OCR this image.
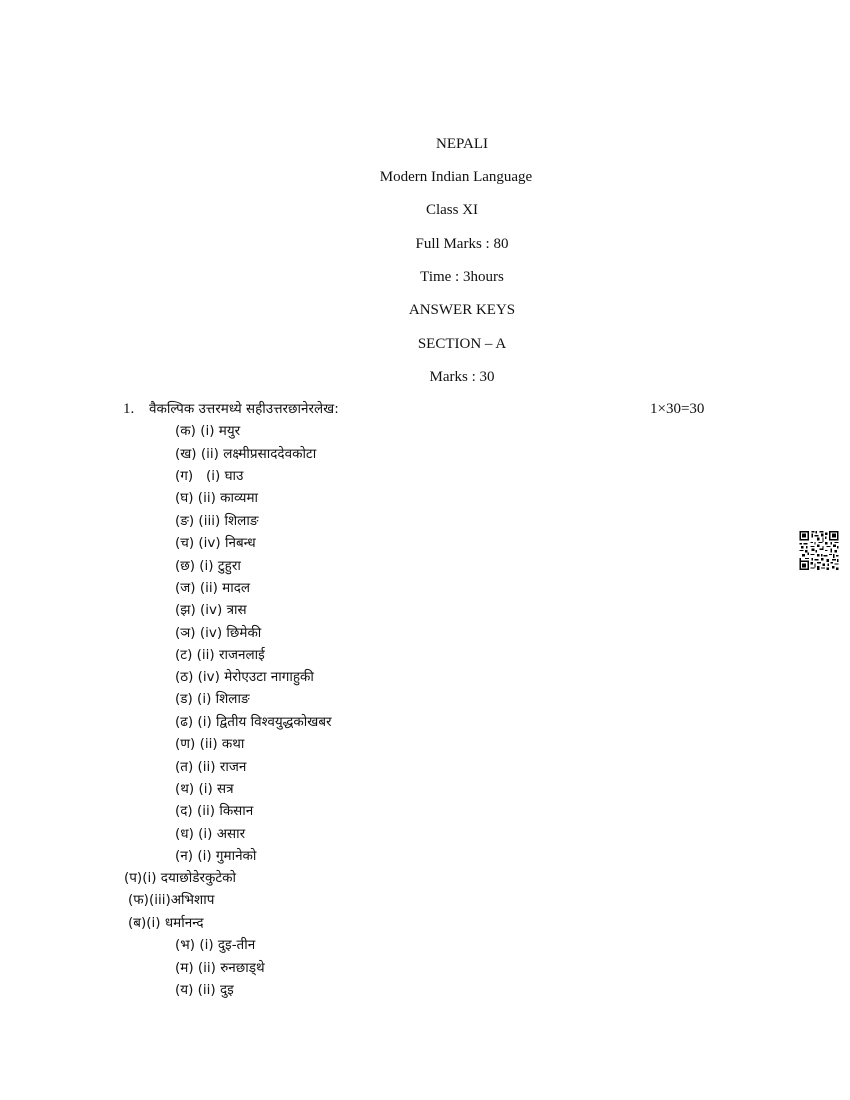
NEPALI
Modern Indian Language
Class XI
Full Marks : 80
Time : 3hours
ANSWER KEYS
SECTION – A
Marks : 30
1. वैकल्पिक उत्तरमध्ये सहीउत्तरछानेरलेख:	1×30=30
(क) (i) मयुर
(ख) (ii) लक्ष्मीप्रसाददेवकोटा
(ग)   (i) घाउ
(घ) (ii) काव्यमा
(ङ) (iii) शिलाङ
(च) (iv) निबन्ध
(छ) (i) टुहुरा
(ज) (ii) मादल
(झ) (iv) त्रास
(ञ) (iv) छिमेकी
(ट) (ii) राजनलाई
(ठ) (iv) मेरोएउटा नागाहुकी
(ड) (i) शिलाङ
(ढ) (i) द्वितीय विश्वयुद्धकोखबर
(ण) (ii) कथा
(त) (ii) राजन
(थ) (i) सत्र
(द) (ii) किसान
(ध) (i) असार
(न) (i) गुमानेको
(प)(i) दयाछोडेरकुटेको
(फ)(iii)अभिशाप
(ब)(i) धर्मानन्द
(भ) (i) दुइ-तीन
(म) (ii) रुनछाड्थे
(य) (ii) दुइ
